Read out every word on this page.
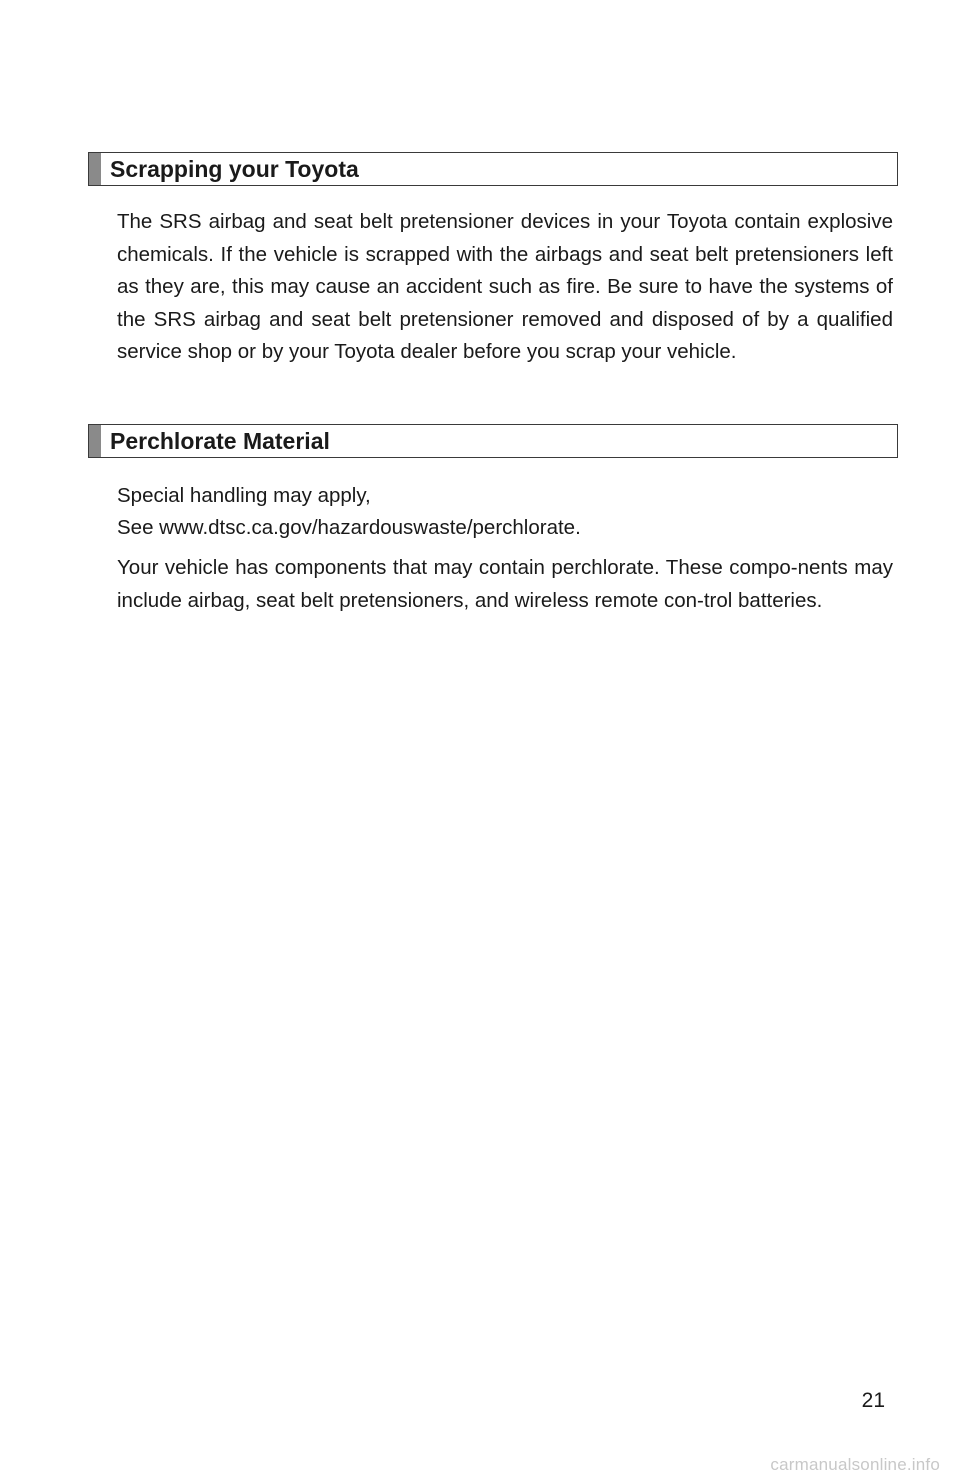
Scrapping your Toyota

The SRS airbag and seat belt pretensioner devices in your Toyota contain explosive chemicals. If the vehicle is scrapped with the airbags and seat belt pretensioners left as they are, this may cause an accident such as fire. Be sure to have the systems of the SRS airbag and seat belt pretensioner removed and disposed of by a qualified service shop or by your Toyota dealer before you scrap your vehicle.

Perchlorate Material

Special handling may apply,

See www.dtsc.ca.gov/hazardouswaste/perchlorate.

Your vehicle has components that may contain perchlorate. These compo-nents may include airbag, seat belt pretensioners, and wireless remote con-trol batteries.

21
carmanualsonline.info
